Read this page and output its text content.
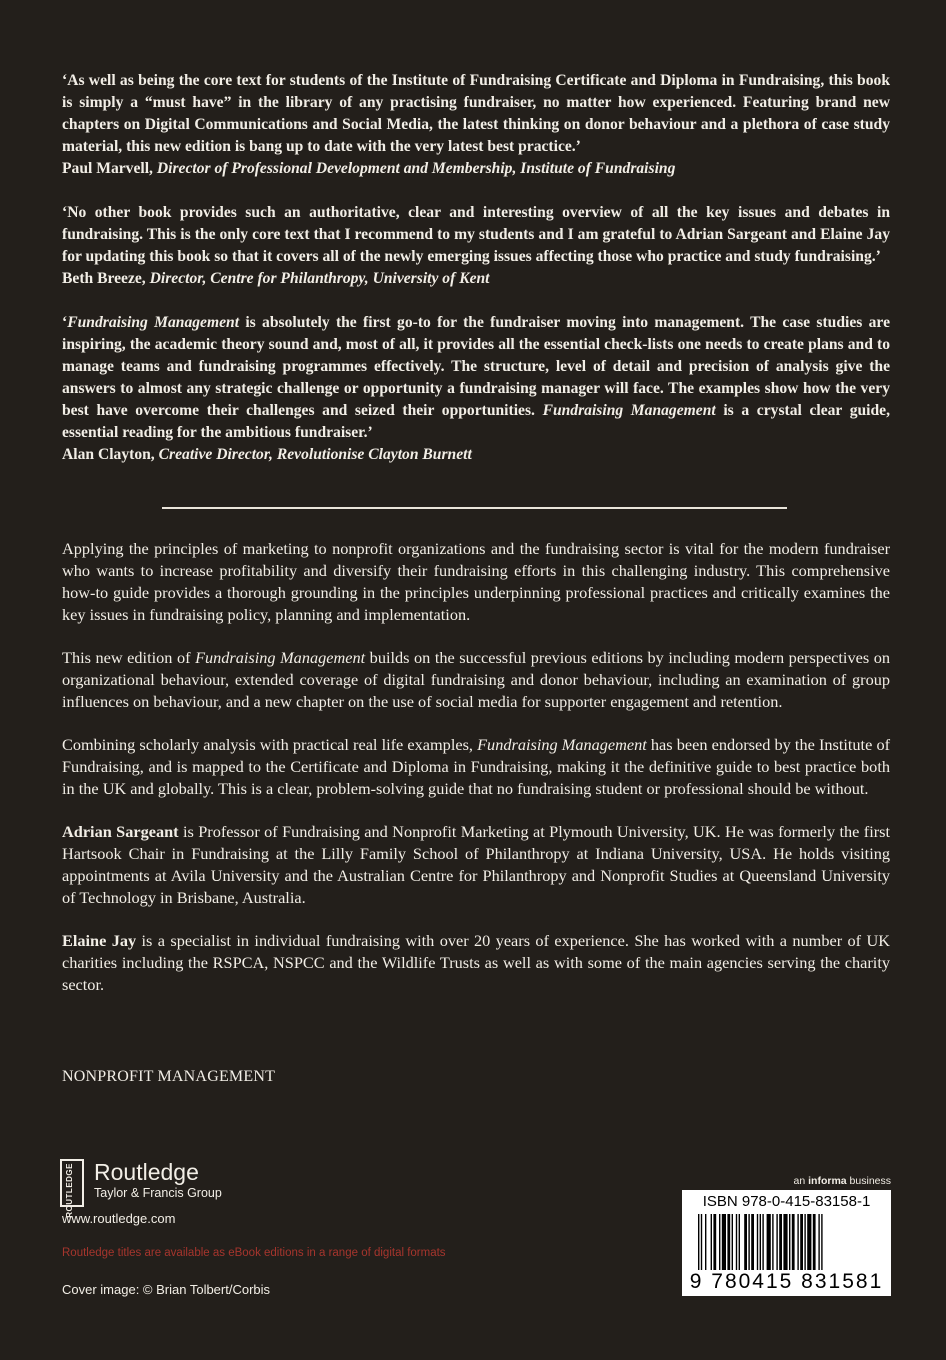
‘As well as being the core text for students of the Institute of Fundraising Certificate and Diploma in Fundraising, this book is simply a “must have” in the library of any practising fundraiser, no matter how experienced. Featuring brand new chapters on Digital Communications and Social Media, the latest thinking on donor behaviour and a plethora of case study material, this new edition is bang up to date with the very latest best practice.’
Paul Marvell, Director of Professional Development and Membership, Institute of Fundraising

‘No other book provides such an authoritative, clear and interesting overview of all the key issues and debates in fundraising. This is the only core text that I recommend to my students and I am grateful to Adrian Sargeant and Elaine Jay for updating this book so that it covers all of the newly emerging issues affecting those who practice and study fundraising.’
Beth Breeze, Director, Centre for Philanthropy, University of Kent

‘Fundraising Management is absolutely the first go-to for the fundraiser moving into management. The case studies are inspiring, the academic theory sound and, most of all, it provides all the essential check-lists one needs to create plans and to manage teams and fundraising programmes effectively. The structure, level of detail and precision of analysis give the answers to almost any strategic challenge or opportunity a fundraising manager will face. The examples show how the very best have overcome their challenges and seized their opportunities. Fundraising Management is a crystal clear guide, essential reading for the ambitious fundraiser.’
Alan Clayton, Creative Director, Revolutionise Clayton Burnett

Applying the principles of marketing to nonprofit organizations and the fundraising sector is vital for the modern fundraiser who wants to increase profitability and diversify their fundraising efforts in this challenging industry. This comprehensive how-to guide provides a thorough grounding in the principles underpinning professional practices and critically examines the key issues in fundraising policy, planning and implementation.

This new edition of Fundraising Management builds on the successful previous editions by including modern perspectives on organizational behaviour, extended coverage of digital fundraising and donor behaviour, including an examination of group influences on behaviour, and a new chapter on the use of social media for supporter engagement and retention.

Combining scholarly analysis with practical real life examples, Fundraising Management has been endorsed by the Institute of Fundraising, and is mapped to the Certificate and Diploma in Fundraising, making it the definitive guide to best practice both in the UK and globally. This is a clear, problem-solving guide that no fundraising student or professional should be without.

Adrian Sargeant is Professor of Fundraising and Nonprofit Marketing at Plymouth University, UK. He was formerly the first Hartsook Chair in Fundraising at the Lilly Family School of Philanthropy at Indiana University, USA. He holds visiting appointments at Avila University and the Australian Centre for Philanthropy and Nonprofit Studies at Queensland University of Technology in Brisbane, Australia.

Elaine Jay is a specialist in individual fundraising with over 20 years of experience. She has worked with a number of UK charities including the RSPCA, NSPCC and the Wildlife Trusts as well as with some of the main agencies serving the charity sector.

NONPROFIT MANAGEMENT
ROUTLEDGE Routledge
Taylor & Francis Group
www.routledge.com
Routledge titles are available as eBook editions in a range of digital formats
Cover image: © Brian Tolbert/Corbis
an informa business
ISBN 978-0-415-83158-1
9 780415 831581
